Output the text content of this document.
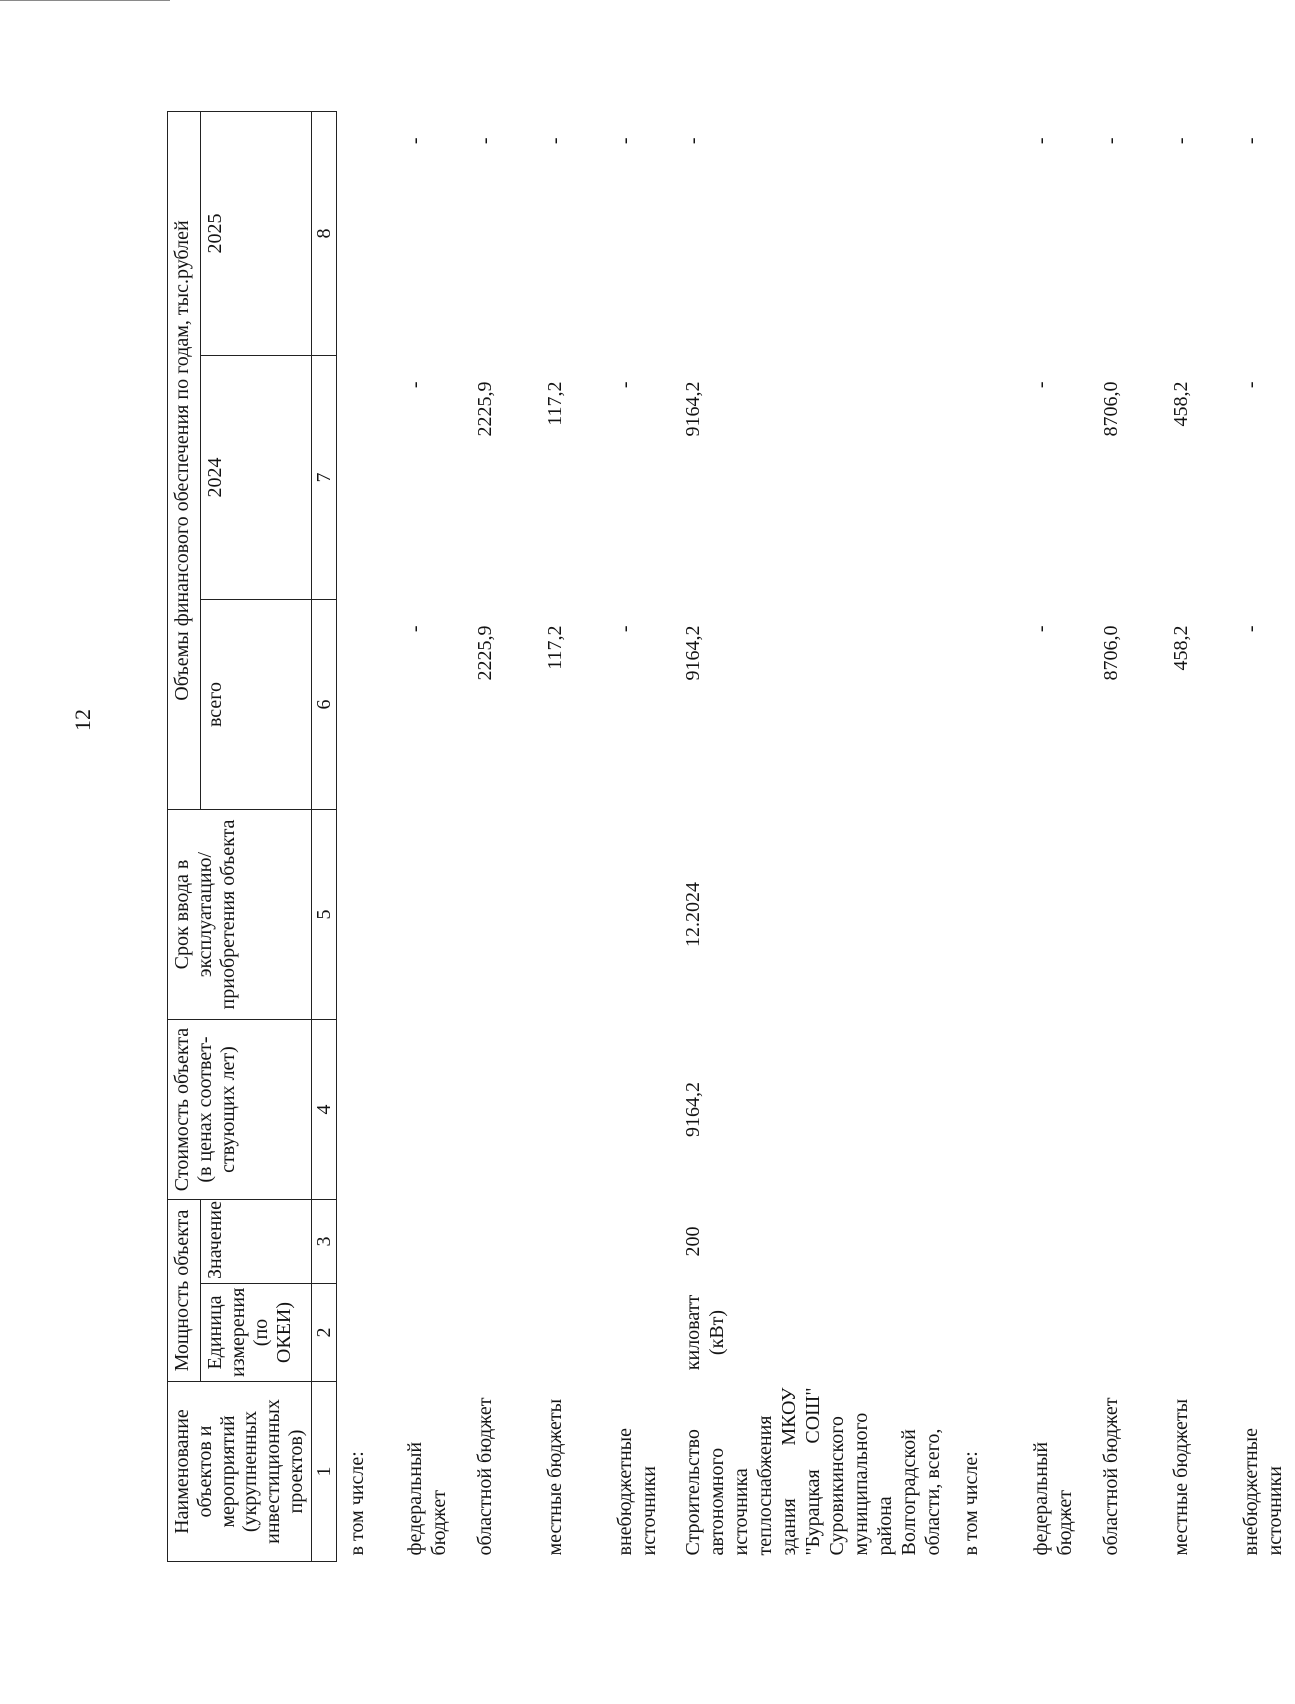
12
Наименование объектов и мероприятий (укрупненных инвестиционных проектов)	Мощность объекта		Стоимость объекта (в ценах соответ-ствующих лет)	Срок ввода в эксплуатацию/ приобретения объекта	Объемы финансового обеспечения по годам, тыс.рублей		
	Единица измерения (по ОКЕИ)	Значение			всего	2024	2025
1	2	3	4	5	6	7	8
в том числе:							
федеральный бюджет					-	-	-
областной бюджет					2225,9	2225,9	-
местные бюджеты					117,2	117,2	-
внебюджетные источники					-	-	-
Строительство автономного источника теплоснабжения здания МКОУ "Бурацкая СОШ" Суровикинского муниципального района Волгоградской области, всего,	киловатт (кВт)	200	9164,2	12.2024	9164,2	9164,2	-
в том числе:							
федеральный бюджет					-	-	-
областной бюджет					8706,0	8706,0	-
местные бюджеты					458,2	458,2	-
внебюджетные источники					-	-	-
